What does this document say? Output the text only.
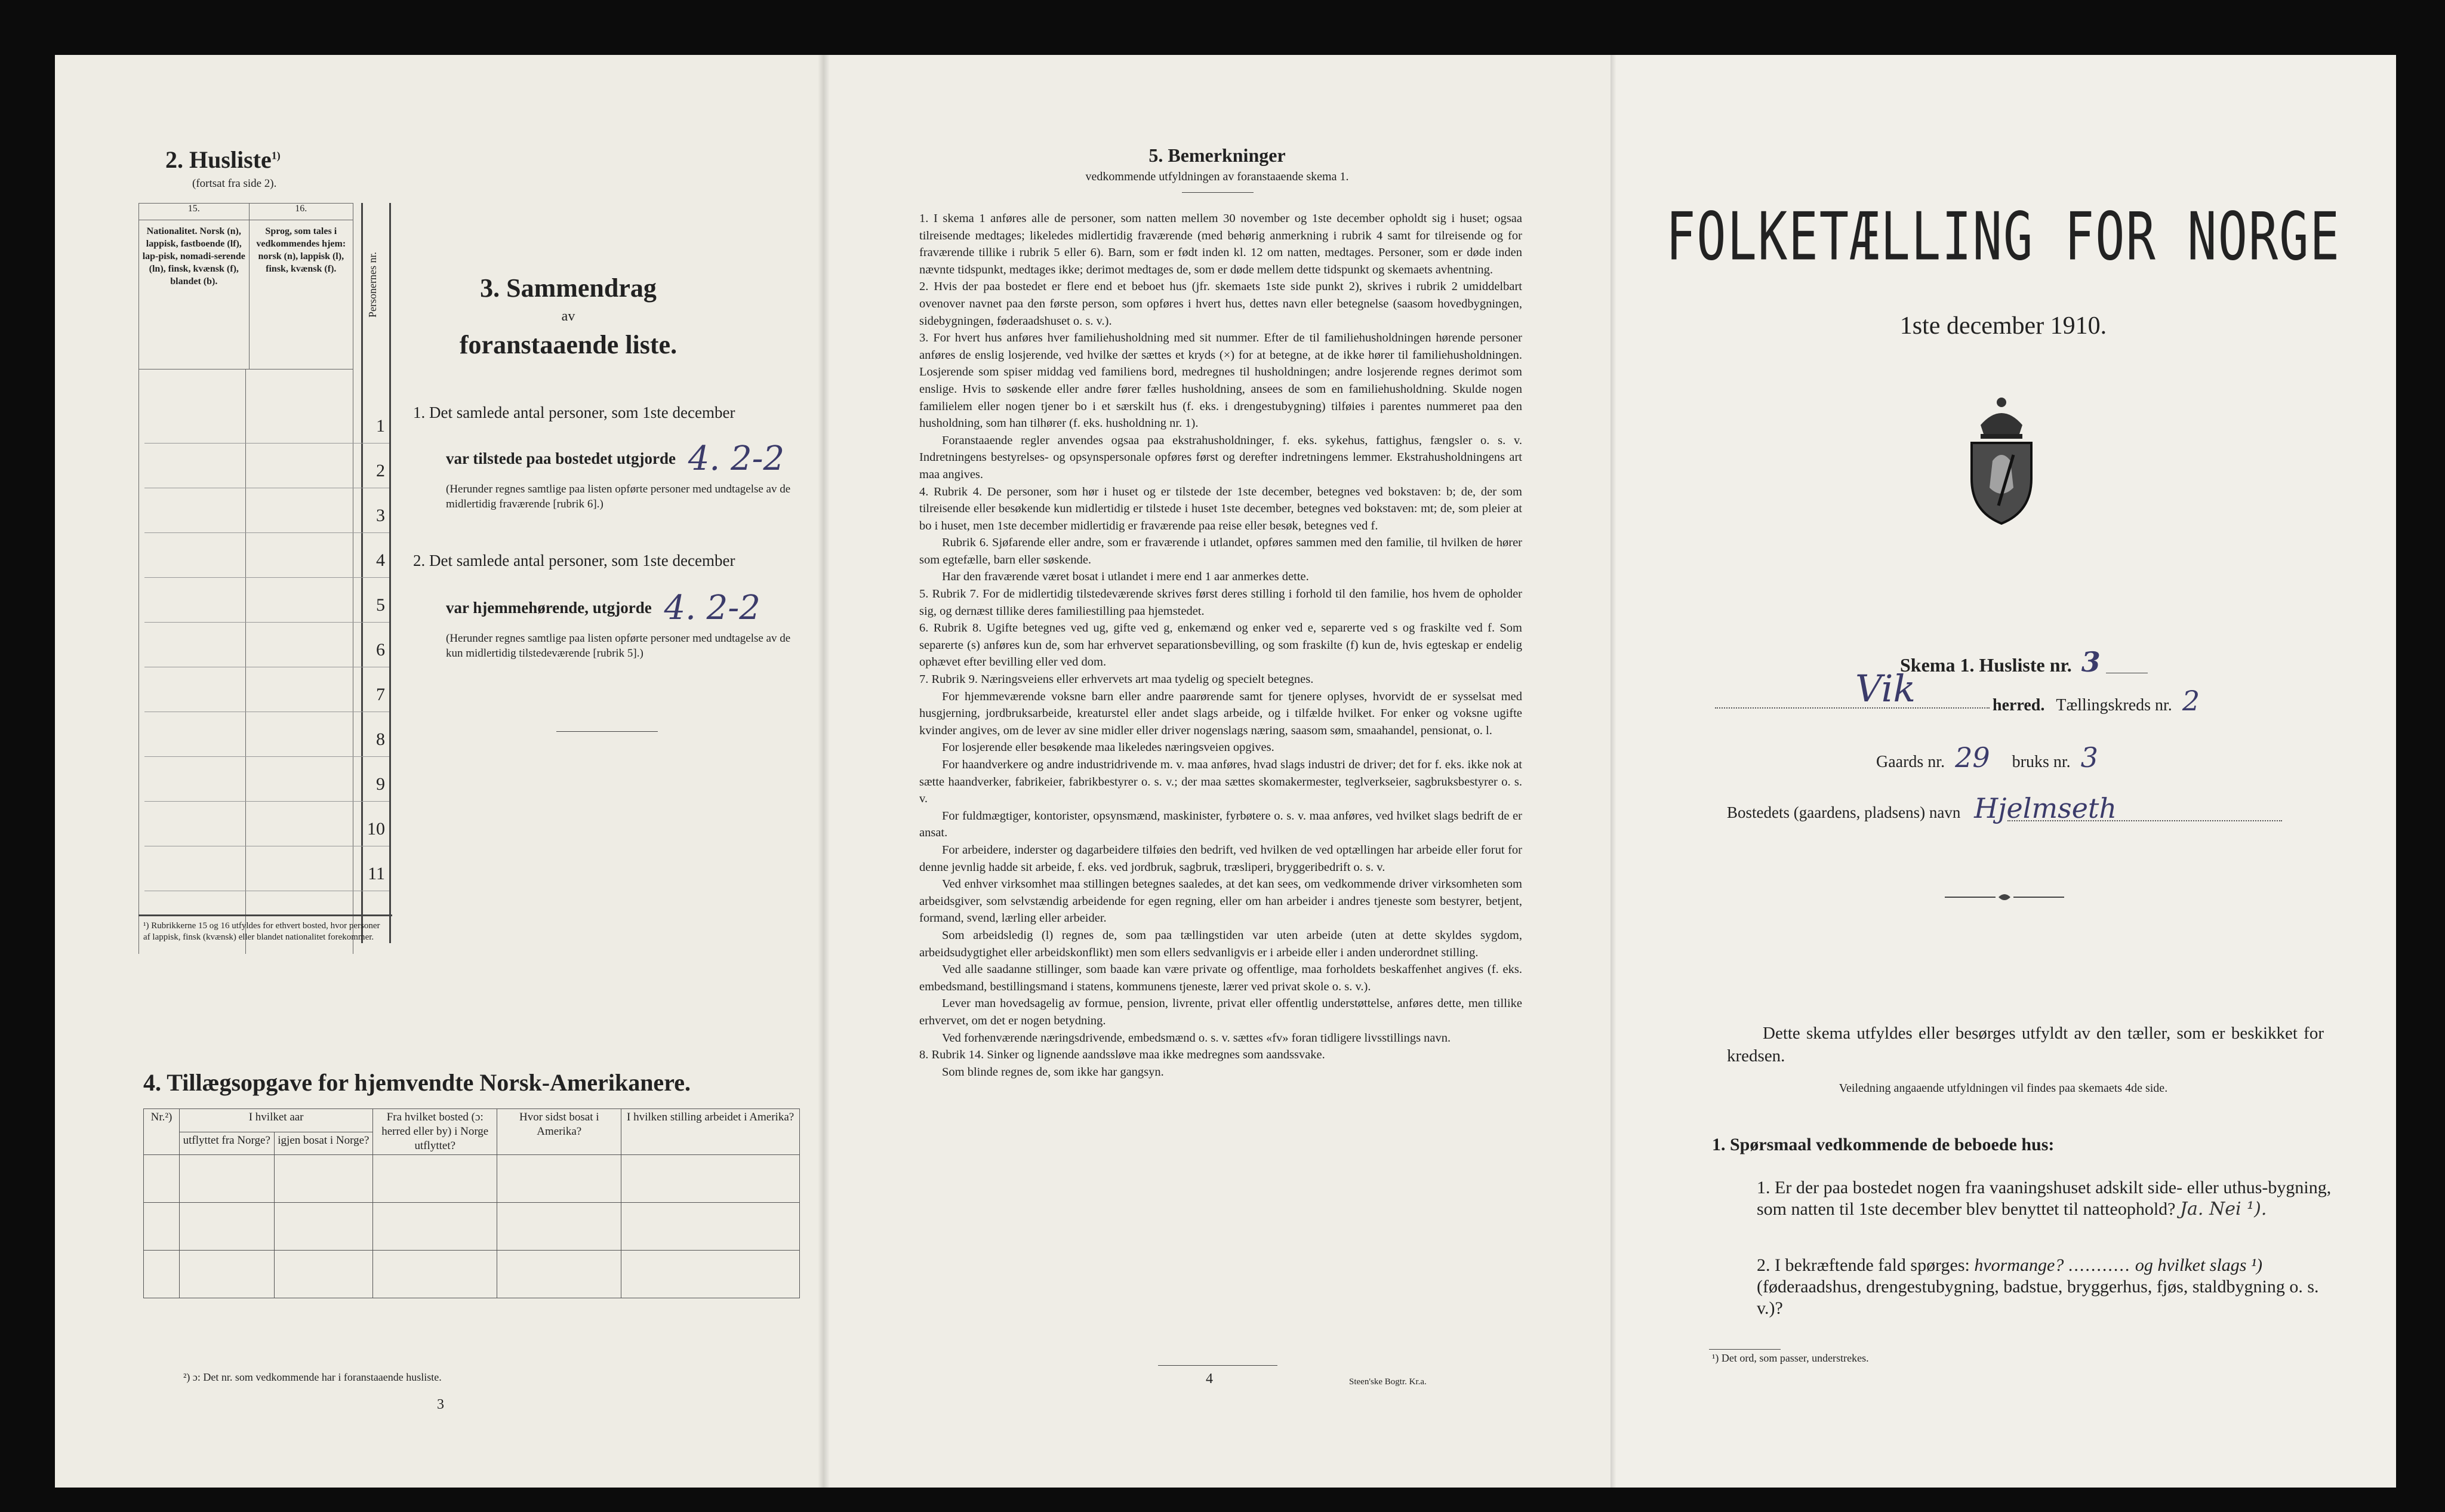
2. Husliste$^{1)}$
(fortsat fra side 2).
15.	16.
Nationalitet. Norsk (n), lappisk, fastboende (lf), lap-pisk, nomadi-serende (ln), finsk, kvænsk (f), blandet (b).	Sprog, som tales i vedkommendes hjem: norsk (n), lappisk (l), finsk, kvænsk (f).	Personernes nr.
1
2
3
4
5
6
7
8
9
10
11
¹) Rubrikkerne 15 og 16 utfyldes for ethvert bosted, hvor personer af lappisk, finsk (kvænsk) eller blandet nationalitet forekommer.
3. Sammendrag
av
foranstaaende liste.
1. Det samlede antal personer, som 1ste december
var tilstede paa bostedet utgjorde 4. 2-2
(Herunder regnes samtlige paa listen opførte personer med undtagelse av de midlertidig fraværende [rubrik 6].)
2. Det samlede antal personer, som 1ste december
var hjemmehørende, utgjorde 4. 2-2
(Herunder regnes samtlige paa listen opførte personer med undtagelse av de kun midlertidig tilstedeværende [rubrik 5].)
4. Tillægsopgave for hjemvendte Norsk-Amerikanere.
Nr.²)	I hvilket aar		Fra hvilket bosted (ɔ: herred eller by) i Norge utflyttet?	Hvor sidst bosat i Amerika?	I hvilken stilling arbeidet i Amerika?
	utflyttet fra Norge?	igjen bosat i Norge?			

²) ɔ: Det nr. som vedkommende har i foranstaaende husliste.
3
5. Bemerkninger
vedkommende utfyldningen av foranstaaende skema 1.

1. I skema 1 anføres alle de personer, som natten mellem 30 november og 1ste december opholdt sig i huset; ogsaa tilreisende medtages; likeledes midlertidig fraværende (med behørig anmerkning i rubrik 4 samt for tilreisende og for fraværende tillike i rubrik 5 eller 6). Barn, som er født inden kl. 12 om natten, medtages. Personer, som er døde inden nævnte tidspunkt, medtages ikke; derimot medtages de, som er døde mellem dette tidspunkt og skemaets avhentning.

2. Hvis der paa bostedet er flere end et beboet hus (jfr. skemaets 1ste side punkt 2), skrives i rubrik 2 umiddelbart ovenover navnet paa den første person, som opføres i hvert hus, dettes navn eller betegnelse (saasom hovedbygningen, sidebygningen, føderaadshuset o. s. v.).

3. For hvert hus anføres hver familiehusholdning med sit nummer. Efter de til familiehusholdningen hørende personer anføres de enslig losjerende, ved hvilke der sættes et kryds (×) for at betegne, at de ikke hører til familiehusholdningen. Losjerende som spiser middag ved familiens bord, medregnes til husholdningen; andre losjerende regnes derimot som enslige. Hvis to søskende eller andre fører fælles husholdning, ansees de som en familiehusholdning. Skulde nogen familielem eller nogen tjener bo i et særskilt hus (f. eks. i drengestubygning) tilføies i parentes nummeret paa den husholdning, som han tilhører (f. eks. husholdning nr. 1).

Foranstaaende regler anvendes ogsaa paa ekstrahusholdninger, f. eks. sykehus, fattighus, fængsler o. s. v. Indretningens bestyrelses- og opsynspersonale opføres først og derefter indretningens lemmer. Ekstrahusholdningens art maa angives.

4. Rubrik 4. De personer, som hør i huset og er tilstede der 1ste december, betegnes ved bokstaven: b; de, der som tilreisende eller besøkende kun midlertidig er tilstede i huset 1ste december, betegnes ved bokstaven: mt; de, som pleier at bo i huset, men 1ste december midlertidig er fraværende paa reise eller besøk, betegnes ved f.

Rubrik 6. Sjøfarende eller andre, som er fraværende i utlandet, opføres sammen med den familie, til hvilken de hører som egtefælle, barn eller søskende.

Har den fraværende været bosat i utlandet i mere end 1 aar anmerkes dette.

5. Rubrik 7. For de midlertidig tilstedeværende skrives først deres stilling i forhold til den familie, hos hvem de opholder sig, og dernæst tillike deres familiestilling paa hjemstedet.

6. Rubrik 8. Ugifte betegnes ved ug, gifte ved g, enkemænd og enker ved e, separerte ved s og fraskilte ved f. Som separerte (s) anføres kun de, som har erhvervet separationsbevilling, og som fraskilte (f) kun de, hvis egteskap er endelig ophævet efter bevilling eller ved dom.

7. Rubrik 9. Næringsveiens eller erhvervets art maa tydelig og specielt betegnes.

For hjemmeværende voksne barn eller andre paarørende samt for tjenere oplyses, hvorvidt de er sysselsat med husgjerning, jordbruksarbeide, kreaturstel eller andet slags arbeide, og i tilfælde hvilket. For enker og voksne ugifte kvinder angives, om de lever av sine midler eller driver nogenslags næring, saasom søm, smaahandel, pensionat, o. l.

For losjerende eller besøkende maa likeledes næringsveien opgives.

For haandverkere og andre industridrivende m. v. maa anføres, hvad slags industri de driver; det for f. eks. ikke nok at sætte haandverker, fabrikeier, fabrikbestyrer o. s. v.; der maa sættes skomakermester, teglverkseier, sagbruksbestyrer o. s. v.

For fuldmægtiger, kontorister, opsynsmænd, maskinister, fyrbøtere o. s. v. maa anføres, ved hvilket slags bedrift de er ansat.

For arbeidere, inderster og dagarbeidere tilføies den bedrift, ved hvilken de ved optællingen har arbeide eller forut for denne jevnlig hadde sit arbeide, f. eks. ved jordbruk, sagbruk, træsliperi, bryggeribedrift o. s. v.

Ved enhver virksomhet maa stillingen betegnes saaledes, at det kan sees, om vedkommende driver virksomheten som arbeidsgiver, som selvstændig arbeidende for egen regning, eller om han arbeider i andres tjeneste som bestyrer, betjent, formand, svend, lærling eller arbeider.

Som arbeidsledig (l) regnes de, som paa tællingstiden var uten arbeide (uten at dette skyldes sygdom, arbeidsudygtighet eller arbeidskonflikt) men som ellers sedvanligvis er i arbeide eller i anden underordnet stilling.

Ved alle saadanne stillinger, som baade kan være private og offentlige, maa forholdets beskaffenhet angives (f. eks. embedsmand, bestillingsmand i statens, kommunens tjeneste, lærer ved privat skole o. s. v.).

Lever man hovedsagelig av formue, pension, livrente, privat eller offentlig understøttelse, anføres dette, men tillike erhvervet, om det er nogen betydning.

Ved forhenværende næringsdrivende, embedsmænd o. s. v. sættes «fv» foran tidligere livsstillings navn.

8. Rubrik 14. Sinker og lignende aandssløve maa ikke medregnes som aandssvake.

Som blinde regnes de, som ikke har gangsyn.

4	Steen'ske Bogtr. Kr.a.
FOLKETÆLLING FOR NORGE
1ste december 1910.
Skema 1. Husliste nr. 3
Vik	herred. Tællingskreds nr. 2
Gaards nr. 29 bruks nr. 3
Bostedets (gaardens, pladsens) navn Hjelmseth
Dette skema utfyldes eller besørges utfyldt av den tæller, som er beskikket for kredsen.
Veiledning angaaende utfyldningen vil findes paa skemaets 4de side.
1. Spørsmaal vedkommende de beboede hus:
1. Er der paa bostedet nogen fra vaaningshuset adskilt side- eller uthus-bygning, som natten til 1ste december blev benyttet til natteophold? Ja. Nei ¹).
2. I bekræftende fald spørges: hvormange? ........... og hvilket slags ¹) (føderaadshus, drengestubygning, badstue, bryggerhus, fjøs, staldbygning o. s. v.)?
¹) Det ord, som passer, understrekes.
